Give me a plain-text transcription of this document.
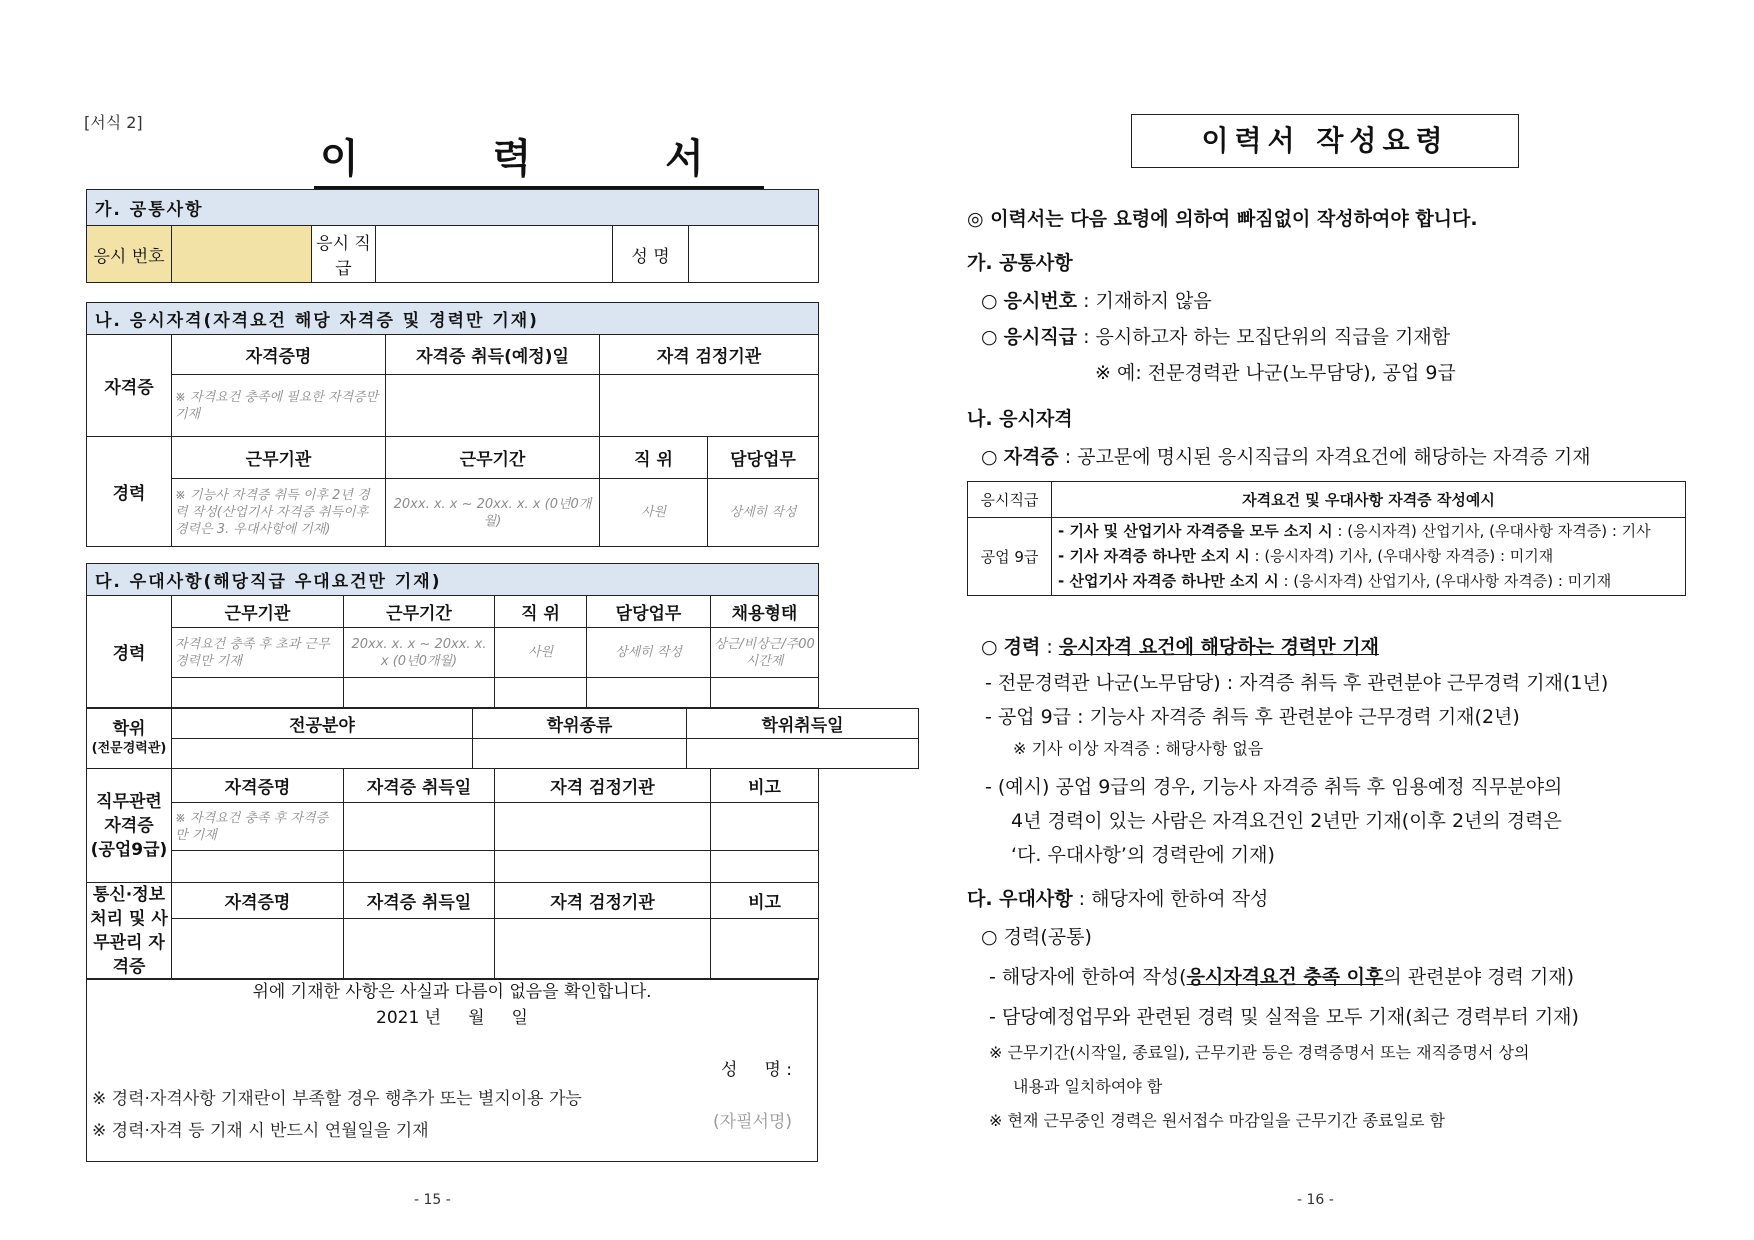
[서식 2]
이 력 서
가. 공통사항
응시 번호		응시 직급		성 명	
나. 응시자격(자격요건 해당 자격증 및 경력만 기재)				
자격증	자격증명	자격증 취득(예정)일	자격 검정기관	
	※ 자격요건 충족에 필요한 자격증만 기재			
경력	근무기관	근무기간	직 위	담당업무
	※ 기능사 자격증 취득 이후 2년 경력 작성(산업기사 자격증 취득이후 경력은 3. 우대사항에 기재)	20xx. x. x ~ 20xx. x. x (0년0개월)	사원	상세히 작성
다. 우대사항(해당직급 우대요건만 기재)					
경력	근무기관	근무기간	직 위	담당업무	채용형태
	자격요건 충족 후 초과 근무 경력만 기재	20xx. x. x ~ 20xx. x. x (0년0개월)	사원	상세히 작성	상근/비상근/주00시간제

학위
(전문경력관)	전공분야	학위종류	학위취득일

직무관련 자격증 (공업9급)	자격증명	자격증 취득일	자격 검정기관	비고
	※ 자격요건 충족 후 자격증만 기재			

통신·정보 처리 및 사무관리 자격증	자격증명	자격증 취득일	자격 검정기관	비고

위에 기재한 사항은 사실과 다름이 없음을 확인합니다.
2021 년     월     일

성     명 :

(자필서명)

※ 경력·자격사항 기재란이 부족할 경우 행추가 또는 별지이용 가능
※ 경력·자격 등 기재 시 반드시 연월일을 기재
- 15 -
이력서 작성요령
◎ 이력서는 다음 요령에 의하여 빠짐없이 작성하여야 합니다.
가. 공통사항
○ 응시번호 : 기재하지 않음
○ 응시직급 : 응시하고자 하는 모집단위의 직급을 기재함
※ 예: 전문경력관 나군(노무담당), 공업 9급
나. 응시자격
○ 자격증 : 공고문에 명시된 응시직급의 자격요건에 해당하는 자격증 기재
응시직급	자격요건 및 우대사항 자격증 작성예시
공업 9급	- 기사 및 산업기사 자격증을 모두 소지 시 : (응시자격) 산업기사, (우대사항 자격증) : 기사
- 기사 자격증 하나만 소지 시 : (응시자격) 기사, (우대사항 자격증) : 미기재
- 산업기사 자격증 하나만 소지 시 : (응시자격) 산업기사, (우대사항 자격증) : 미기재
○ 경력 : 응시자격 요건에 해당하는 경력만 기재
- 전문경력관 나군(노무담당) : 자격증 취득 후 관련분야 근무경력 기재(1년)
- 공업 9급 : 기능사 자격증 취득 후 관련분야 근무경력 기재(2년)
※ 기사 이상 자격증 : 해당사항 없음
- (예시) 공업 9급의 경우, 기능사 자격증 취득 후 임용예정 직무분야의
4년 경력이 있는 사람은 자격요건인 2년만 기재(이후 2년의 경력은
‘다. 우대사항’의 경력란에 기재)
다. 우대사항 : 해당자에 한하여 작성
○ 경력(공통)
- 해당자에 한하여 작성(응시자격요건 충족 이후의 관련분야 경력 기재)
- 담당예정업무와 관련된 경력 및 실적을 모두 기재(최근 경력부터 기재)
※ 근무기간(시작일, 종료일), 근무기관 등은 경력증명서 또는 재직증명서 상의
내용과 일치하여야 함
※ 현재 근무중인 경력은 원서접수 마감일을 근무기간 종료일로 함
- 16 -
